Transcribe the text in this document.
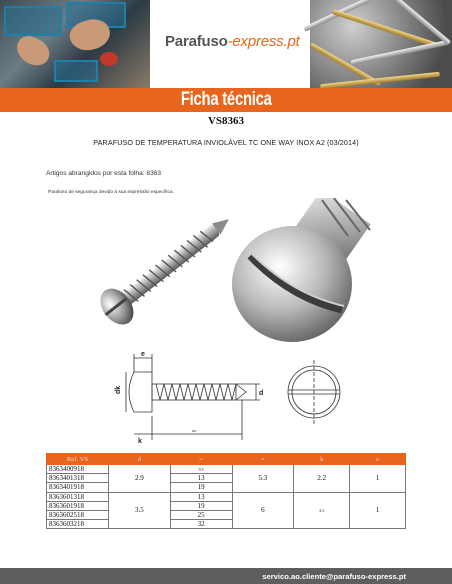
Parafuso-express.pt
Ficha técnica
VS8363
PARAFUSO DE TEMPERATURA INVIOLÁVEL TC ONE WAY INOX A2 (03/2014)
Artigos abrangidos por esta folha: 8363
Parafuso de segurança devido à sua impressão específica.
dk
e
d
k
ou
Ref. VS	d	ou	dk	k	e
8363400918	2.9	9.5	5.3	2.2	1
8363401318		13			
8363401918		19			
8363601318	3.5	13	6	2.5	1
8363601918		19			
8363602518		25			
8363603218		32			
servico.ao.cliente@parafuso-express.pt
